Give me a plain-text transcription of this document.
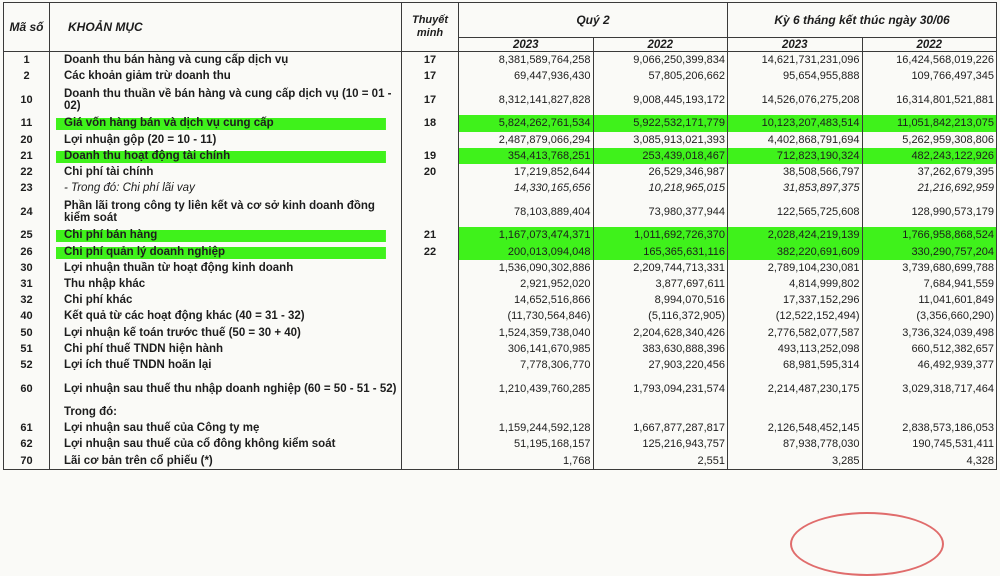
Mã số	KHOẢN MỤC	Thuyết minh	Quý 2		Kỳ 6 tháng kết thúc ngày 30/06	
			2023	2022	2023	2022
1	Doanh thu bán hàng và cung cấp dịch vụ	17	8,381,589,764,258	9,066,250,399,834	14,621,731,231,096	16,424,568,019,226
2	Các khoản giảm trừ doanh thu	17	69,447,936,430	57,805,206,662	95,654,955,888	109,766,497,345
10	Doanh thu thuần về bán hàng và cung cấp dịch vụ (10 = 01 - 02)	17	8,312,141,827,828	9,008,445,193,172	14,526,076,275,208	16,314,801,521,881
11	Giá vốn hàng bán và dịch vụ cung cấp	18	5,824,262,761,534	5,922,532,171,779	10,123,207,483,514	11,051,842,213,075
20	Lợi nhuận gộp (20 = 10 - 11)		2,487,879,066,294	3,085,913,021,393	4,402,868,791,694	5,262,959,308,806
21	Doanh thu hoạt động tài chính	19	354,413,768,251	253,439,018,467	712,823,190,324	482,243,122,926
22	Chi phí tài chính	20	17,219,852,644	26,529,346,987	38,508,566,797	37,262,679,395
23	- Trong đó: Chi phí lãi vay		14,330,165,656	10,218,965,015	31,853,897,375	21,216,692,959
24	Phần lãi trong công ty liên kết và cơ sở kinh doanh đồng kiểm soát		78,103,889,404	73,980,377,944	122,565,725,608	128,990,573,179
25	Chi phí bán hàng	21	1,167,073,474,371	1,011,692,726,370	2,028,424,219,139	1,766,958,868,524
26	Chi phí quản lý doanh nghiệp	22	200,013,094,048	165,365,631,116	382,220,691,609	330,290,757,204
30	Lợi nhuận thuần từ hoạt động kinh doanh		1,536,090,302,886	2,209,744,713,331	2,789,104,230,081	3,739,680,699,788
31	Thu nhập khác		2,921,952,020	3,877,697,611	4,814,999,802	7,684,941,559
32	Chi phí khác		14,652,516,866	8,994,070,516	17,337,152,296	11,041,601,849
40	Kết quả từ các hoạt động khác (40 = 31 - 32)		(11,730,564,846)	(5,116,372,905)	(12,522,152,494)	(3,356,660,290)
50	Lợi nhuận kế toán trước thuế (50 = 30 + 40)		1,524,359,738,040	2,204,628,340,426	2,776,582,077,587	3,736,324,039,498
51	Chi phí thuế TNDN hiện hành		306,141,670,985	383,630,888,396	493,113,252,098	660,512,382,657
52	Lợi ích thuế TNDN hoãn lại		7,778,306,770	27,903,220,456	68,981,595,314	46,492,939,377
60	Lợi nhuận sau thuế thu nhập doanh nghiệp (60 = 50 - 51 - 52)		1,210,439,760,285	1,793,094,231,574	2,214,487,230,175	3,029,318,717,464
	Trong đó:					
61	Lợi nhuận sau thuế của Công ty mẹ		1,159,244,592,128	1,667,877,287,817	2,126,548,452,145	2,838,573,186,053
62	Lợi nhuận sau thuế của cổ đông không kiểm soát		51,195,168,157	125,216,943,757	87,938,778,030	190,745,531,411
70	Lãi cơ bản trên cổ phiếu (*)		1,768	2,551	3,285	4,328
